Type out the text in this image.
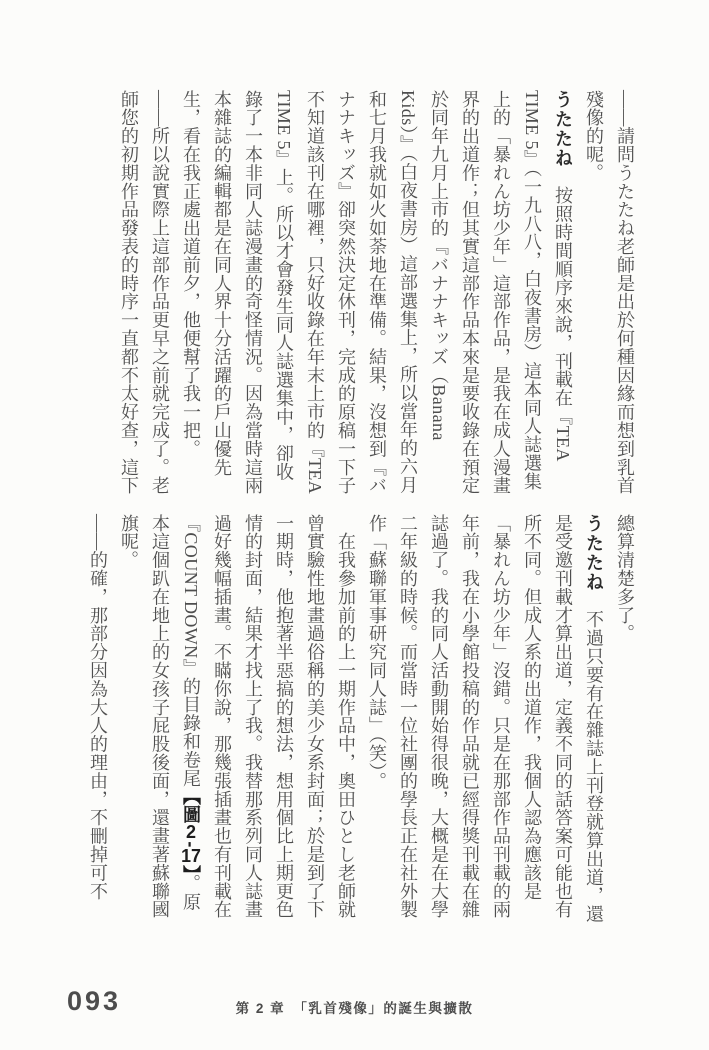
——請問うたたね老師是出於何種因緣而想到乳首殘像的呢。

うたたね　按照時間順序來說，刊載在『TEA TIME 5』（一九八八，白夜書房）這本同人誌選集上的「暴れん坊少年」這部作品，是我在成人漫畫界的出道作；但其實這部作品本來是要收錄在預定於同年九月上市的『バナナキッズ（Banana Kids）』（白夜書房）這部選集上，所以當年的六月和七月我就如火如荼地在準備。結果，沒想到『バナナキッズ』卻突然決定休刊，完成的原稿一下子不知道該刊在哪裡，只好收錄在年末上市的『TEA TIME 5』上。所以才會發生同人誌選集中，卻收錄了一本非同人誌漫畫的奇怪情況。因為當時這兩本雜誌的編輯都是在同人界十分活躍的戶山優先生，看在我正處出道前夕，他便幫了我一把。

——所以說實際上這部作品更早之前就完成了。老師您的初期作品發表的時序一直都不太好查，這下

總算清楚多了。

うたたね　不過只要有在雜誌上刊登就算出道，還是受邀刊載才算出道，定義不同的話答案可能也有所不同。但成人系的出道作，我個人認為應該是「暴れん坊少年」沒錯。只是在那部作品刊載的兩年前，我在小學館投稿的作品就已經得獎刊載在雜誌過了。我的同人活動開始得很晚，大概是在大學二年級的時候。而當時一位社團的學長正在社外製作「蘇聯軍事研究同人誌」（笑）。

　在我參加前的上一期作品中，奧田ひとし老師就曾實驗性地畫過俗稱的美少女系封面；於是到了下一期時，他抱著半惡搞的想法，想用個比上期更色情的封面，結果才找上了我。我替那系列同人誌畫過好幾幅插畫。不瞞你說，那幾張插畫也有刊載在『COUNT DOWN』的目錄和卷尾【圖2-17】。原本這個趴在地上的女孩子屁股後面，還畫著蘇聯國旗呢。

——的確，那部分因為大人的理由，不刪掉可不

093	第 2 章　「乳首殘像」的誕生與擴散
